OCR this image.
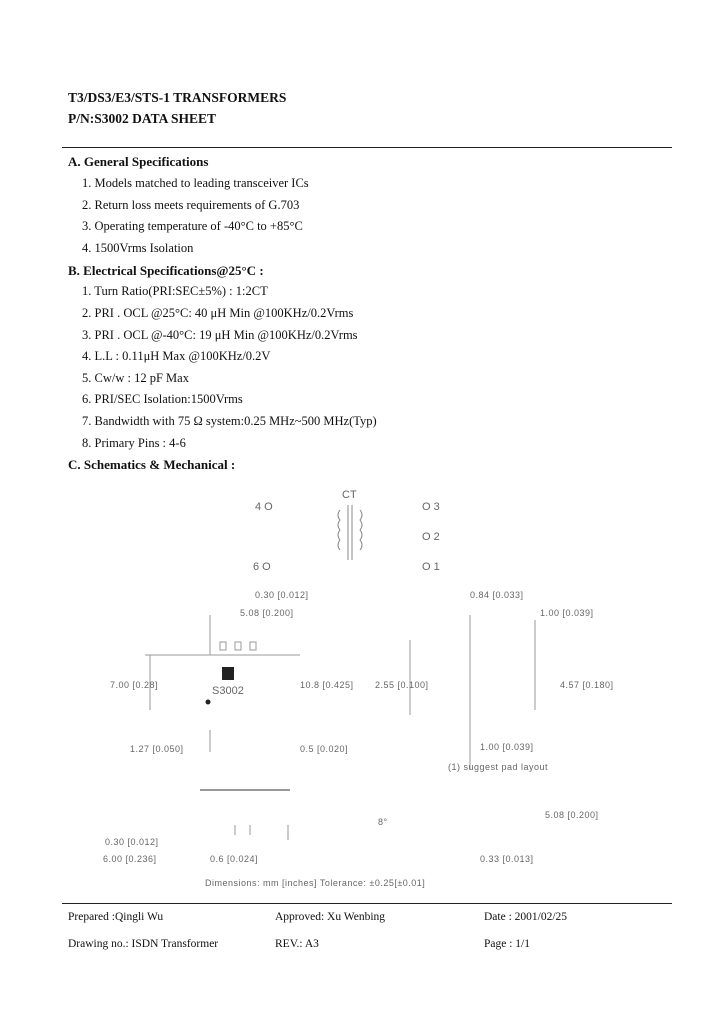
T3/DS3/E3/STS-1 TRANSFORMERS
P/N:S3002 DATA SHEET
A. General Specifications
1. Models matched to leading transceiver ICs
2. Return loss meets requirements of G.703
3. Operating temperature of -40°C to +85°C
4. 1500Vrms Isolation
B. Electrical Specifications@25°C :
1. Turn Ratio(PRI:SEC±5%) : 1:2CT
2. PRI . OCL @25°C: 40 μH Min @100KHz/0.2Vrms
3. PRI . OCL @-40°C: 19 μH Min @100KHz/0.2Vrms
4. L.L : 0.11μH Max @100KHz/0.2V
5. Cw/w : 12 pF Max
6. PRI/SEC Isolation:1500Vrms
7. Bandwidth with 75 Ω system:0.25 MHz~500 MHz(Typ)
8. Primary Pins : 4-6
C. Schematics & Mechanical :
CT
4 O
6 O
O 3
O 2
O 1
S3002
0.30 [0.012]
5.08 [0.200]
7.00 [0.28]	10.8 [0.425]
1.27 [0.050]	0.5 [0.020]
0.84 [0.033]
1.00 [0.039]
2.55 [0.100]	4.57 [0.180]
1.00 [0.039]
(1) suggest pad layout
5.08 [0.200]
8°
0.33 [0.013]
0.30 [0.012]
6.00 [0.236]	0.6 [0.024]
Dimensions: mm [inches] Tolerance: ±0.25[±0.01]
Prepared :Qingli Wu	Approved: Xu Wenbing	Date : 2001/02/25
Drawing no.: ISDN Transformer	REV.: A3	Page : 1/1
